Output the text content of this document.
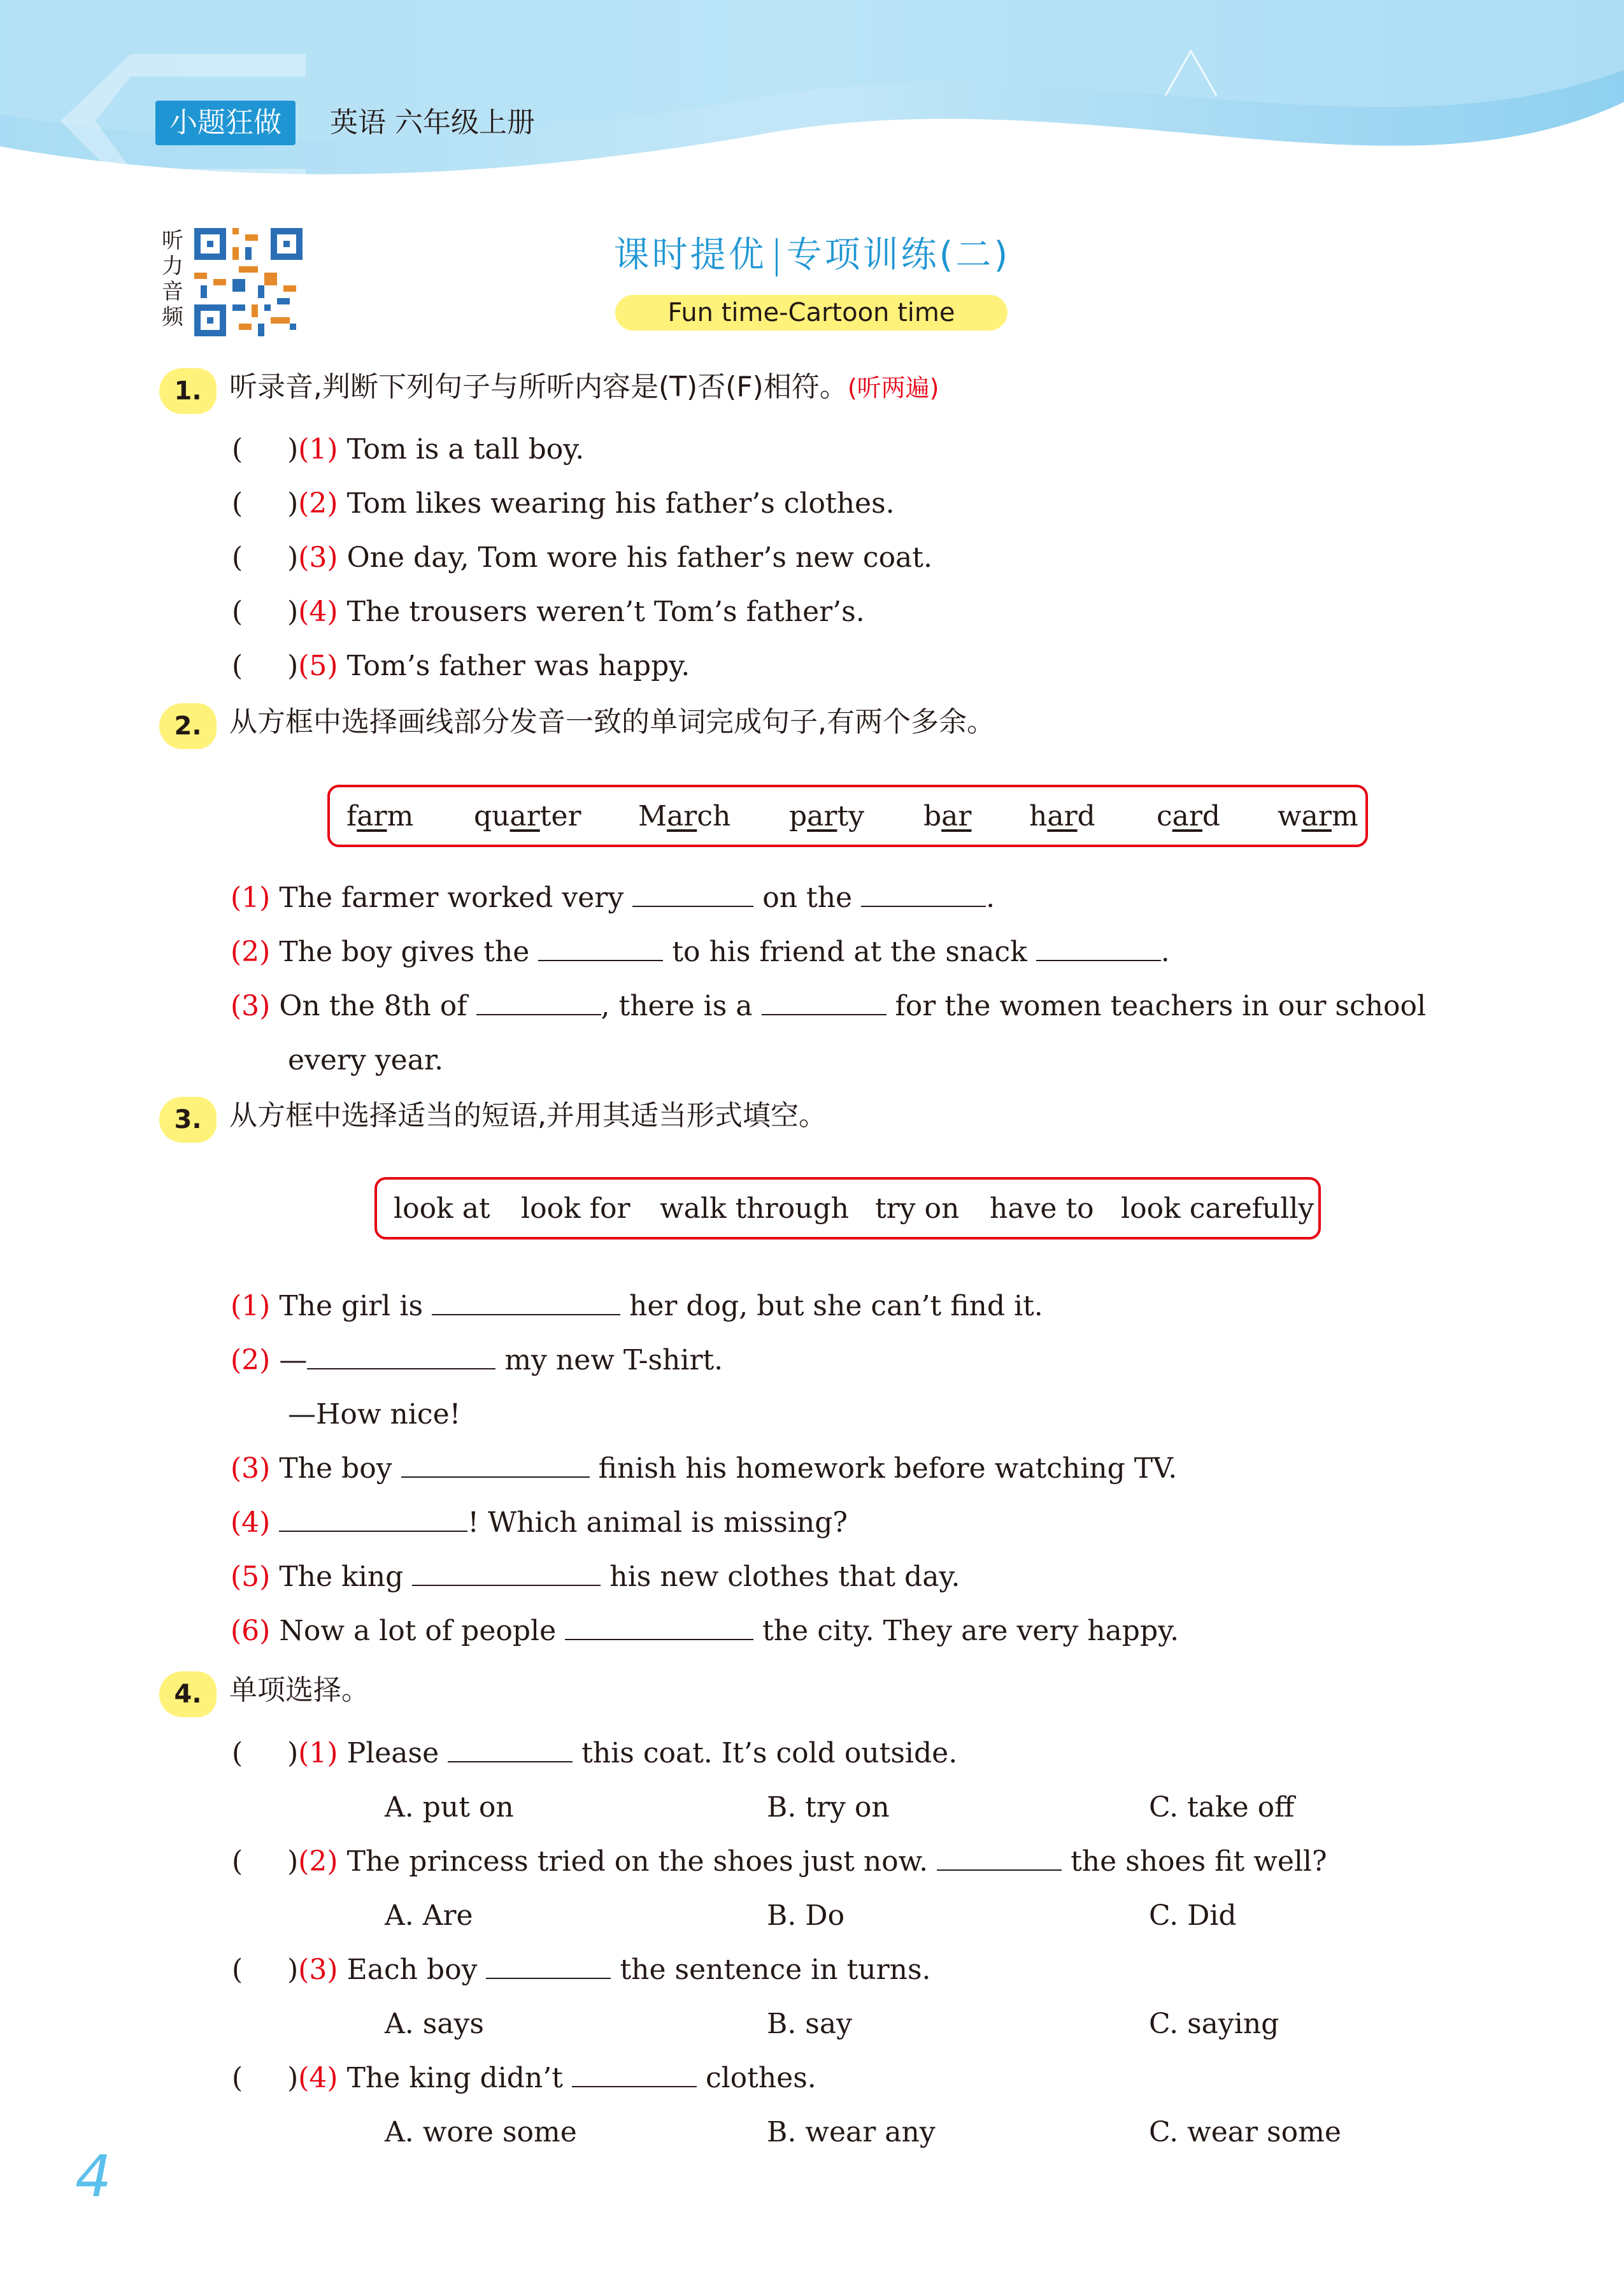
小题狂做	英语 六年级上册
听
力
音
频
课时提优 专项训练(二)
Fun time-Cartoon time
1. 听录音,判断下列句子与所听内容是(T)否(F)相符。(听两遍)
(     )(1) Tom is a tall boy.
(     )(2) Tom likes wearing his father’s clothes.
(     )(3) One day, Tom wore his father’s new coat.
(     )(4) The trousers weren’t Tom’s father’s.
(     )(5) Tom’s father was happy.
2. 从方框中选择画线部分发音一致的单词完成句子,有两个多余。
farm quarter March party bar hard card warm
(1) The farmer worked very	on the	.
(2) The boy gives the	to his friend at the snack	.
(3) On the 8th of	, there is a	for the women teachers in our school
every year.
3. 从方框中选择适当的短语,并用其适当形式填空。
look at look for walk through try on have to look carefully
(1) The girl is	her dog, but she can’t find it.
(2) —	my new T-shirt.
—How nice!
(3) The boy	finish his homework before watching TV.
(4)	! Which animal is missing?
(5) The king	his new clothes that day.
(6) Now a lot of people	the city. They are very happy.
4. 单项选择。
(     )(1) Please	this coat. It’s cold outside.
A. put on	B. try on	C. take off
(     )(2) The princess tried on the shoes just now.	the shoes fit well?
A. Are	B. Do	C. Did
(     )(3) Each boy	the sentence in turns.
A. says	B. say	C. saying
(     )(4) The king didn’t	clothes.
A. wore some	B. wear any	C. wear some
4
